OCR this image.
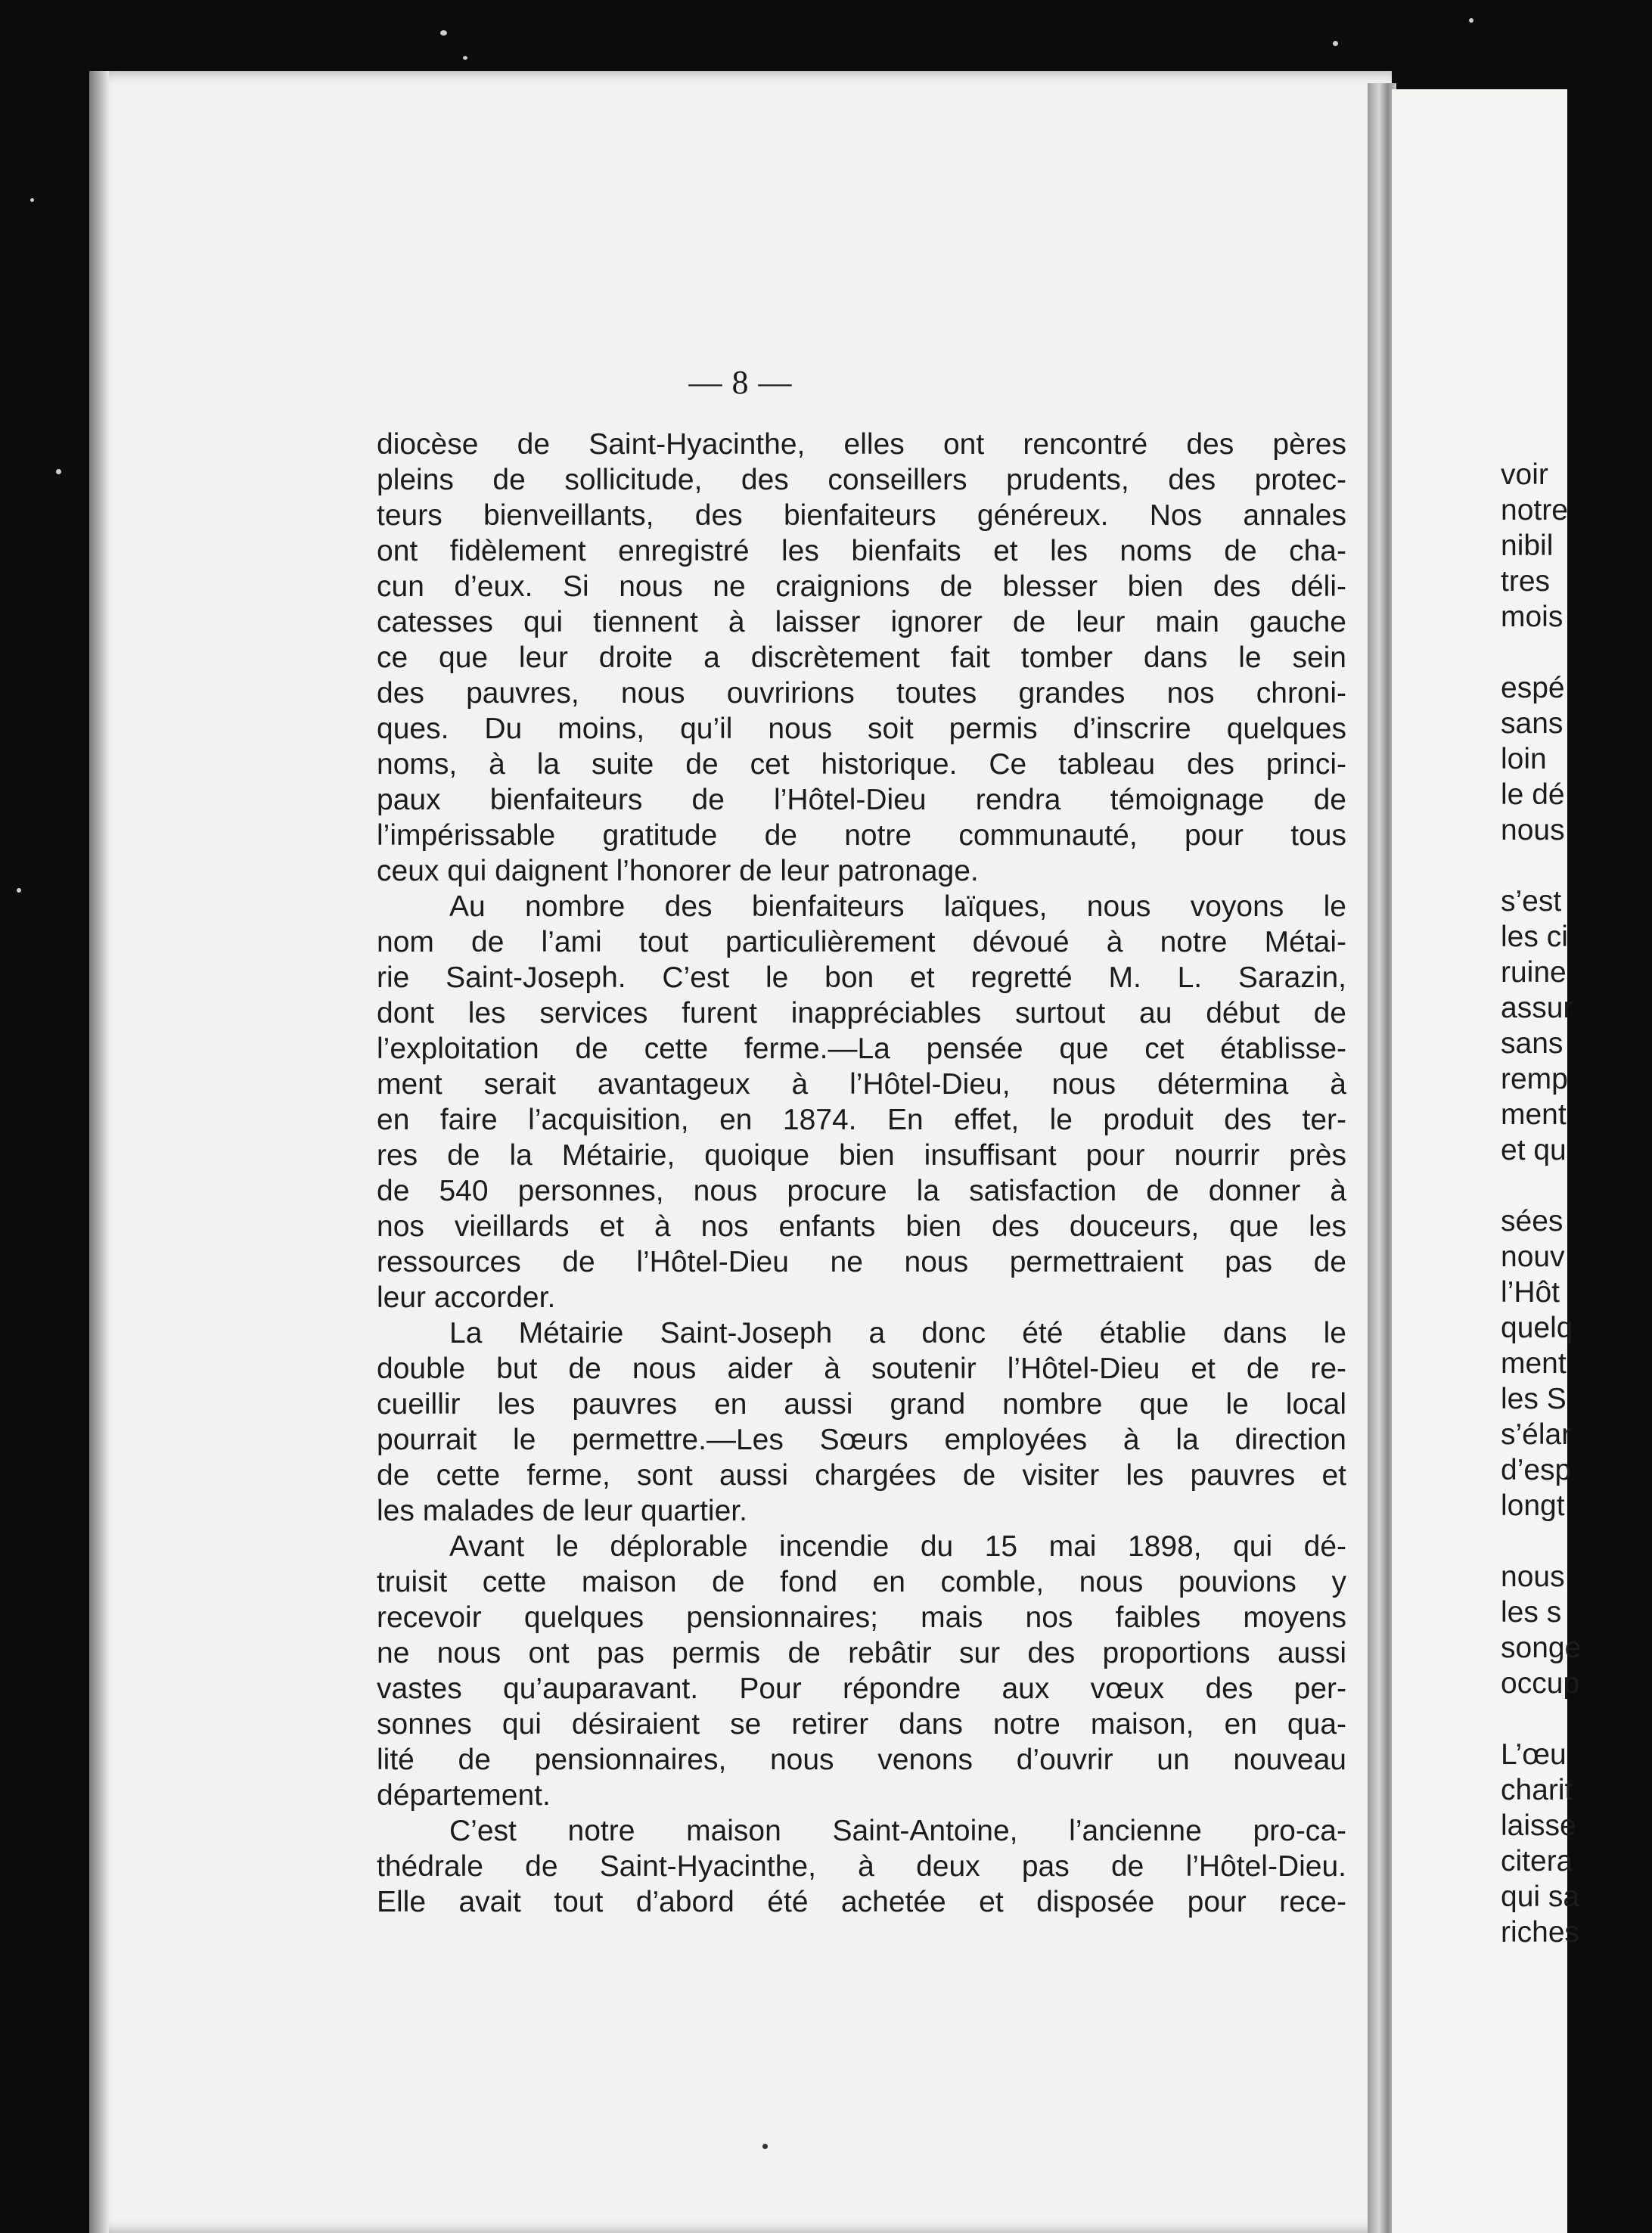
— 8 —
diocèse de Saint-Hyacinthe, elles ont rencontré des pères
pleins de sollicitude, des conseillers prudents, des protec-
teurs bienveillants, des bienfaiteurs généreux. Nos annales
ont fidèlement enregistré les bienfaits et les noms de cha-
cun d’eux. Si nous ne craignions de blesser bien des déli-
catesses qui tiennent à laisser ignorer de leur main gauche
ce que leur droite a discrètement fait tomber dans le sein
des pauvres, nous ouvririons toutes grandes nos chroni-
ques. Du moins, qu’il nous soit permis d’inscrire quelques
noms, à la suite de cet historique. Ce tableau des princi-
paux bienfaiteurs de l’Hôtel-Dieu rendra témoignage de
l’impérissable gratitude de notre communauté, pour tous
ceux qui daignent l’honorer de leur patronage.
Au nombre des bienfaiteurs laïques, nous voyons le
nom de l’ami tout particulièrement dévoué à notre Métai-
rie Saint-Joseph. C’est le bon et regretté M. L. Sarazin,
dont les services furent inappréciables surtout au début de
l’exploitation de cette ferme.—La pensée que cet établisse-
ment serait avantageux à l’Hôtel-Dieu, nous détermina à
en faire l’acquisition, en 1874. En effet, le produit des ter-
res de la Métairie, quoique bien insuffisant pour nourrir près
de 540 personnes, nous procure la satisfaction de donner à
nos vieillards et à nos enfants bien des douceurs, que les
ressources de l’Hôtel-Dieu ne nous permettraient pas de
leur accorder.
La Métairie Saint-Joseph a donc été établie dans le
double but de nous aider à soutenir l’Hôtel-Dieu et de re-
cueillir les pauvres en aussi grand nombre que le local
pourrait le permettre.—Les Sœurs employées à la direction
de cette ferme, sont aussi chargées de visiter les pauvres et
les malades de leur quartier.
Avant le déplorable incendie du 15 mai 1898, qui dé-
truisit cette maison de fond en comble, nous pouvions y
recevoir quelques pensionnaires; mais nos faibles moyens
ne nous ont pas permis de rebâtir sur des proportions aussi
vastes qu’auparavant. Pour répondre aux vœux des per-
sonnes qui désiraient se retirer dans notre maison, en qua-
lité de pensionnaires, nous venons d’ouvrir un nouveau
département.
C’est notre maison Saint-Antoine, l’ancienne pro-ca-
thédrale de Saint-Hyacinthe, à deux pas de l’Hôtel-Dieu.
Elle avait tout d’abord été achetée et disposée pour rece-
voir
notre
nibil
tres
mois
espé
sans
loin
le dé
nous
s’est
les ci
ruine
assur
sans
remp
ment
et qu
sées
nouv
l’Hôt
quelq
ment
les S
s’élar
d’esp
longt
nous
les s
songe
occup
L’œu
charit
laisse
citera
qui sa
riches
